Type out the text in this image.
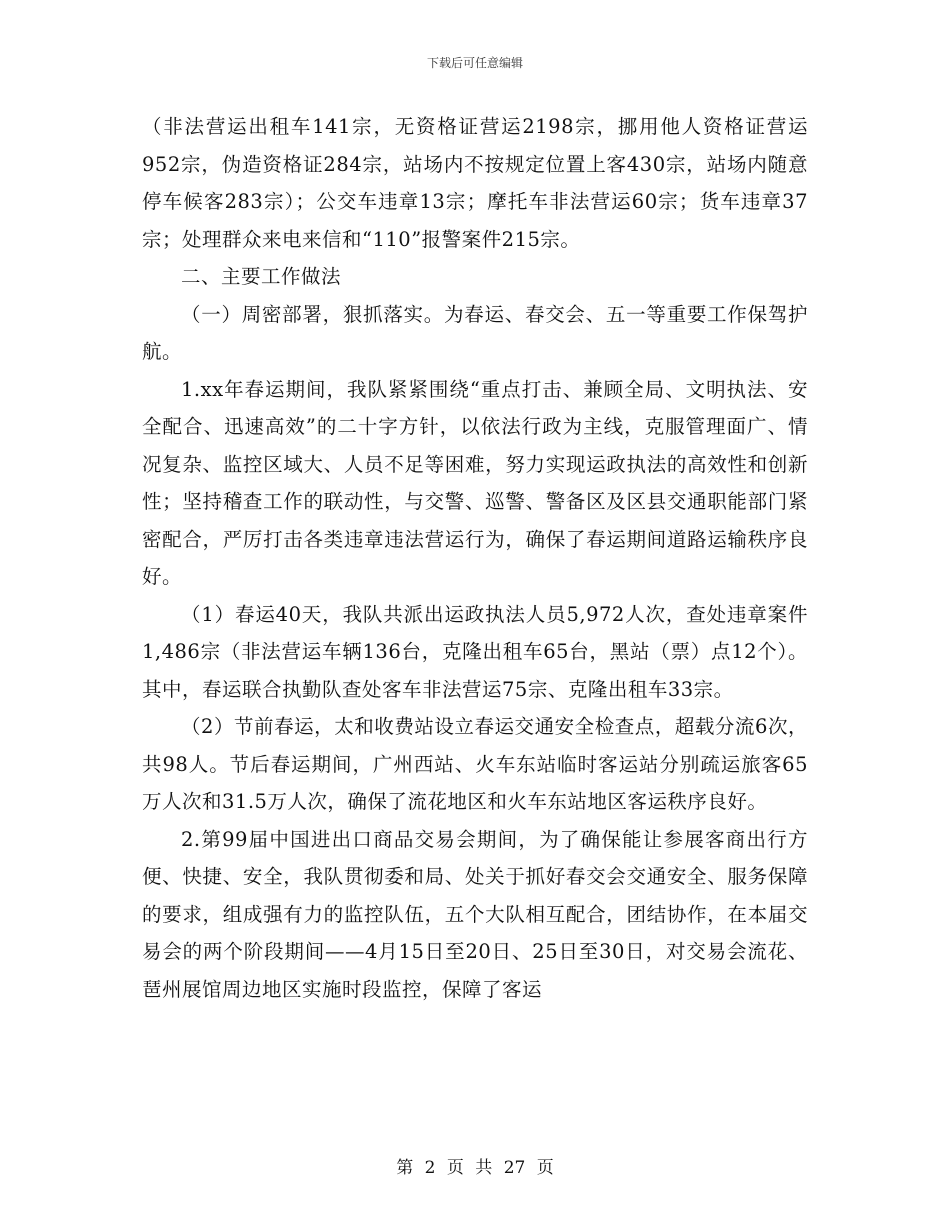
下载后可任意编辑

（非法营运出租车141宗，无资格证营运2198宗，挪用他人资格证营运952宗，伪造资格证284宗，站场内不按规定位置上客430宗，站场内随意停车候客283宗）；公交车违章13宗；摩托车非法营运60宗；货车违章37宗；处理群众来电来信和“110”报警案件215宗。

二、主要工作做法

（一）周密部署，狠抓落实。为春运、春交会、五一等重要工作保驾护航。

1.xx年春运期间，我队紧紧围绕“重点打击、兼顾全局、文明执法、安全配合、迅速高效”的二十字方针，以依法行政为主线，克服管理面广、情况复杂、监控区域大、人员不足等困难，努力实现运政执法的高效性和创新性；坚持稽查工作的联动性，与交警、巡警、警备区及区县交通职能部门紧密配合，严厉打击各类违章违法营运行为，确保了春运期间道路运输秩序良好。

（1）春运40天，我队共派出运政执法人员5,972人次，查处违章案件1,486宗（非法营运车辆136台，克隆出租车65台，黑站（票）点12个）。其中，春运联合执勤队查处客车非法营运75宗、克隆出租车33宗。

（2）节前春运，太和收费站设立春运交通安全检查点，超载分流6次，共98人。节后春运期间，广州西站、火车东站临时客运站分别疏运旅客65万人次和31.5万人次，确保了流花地区和火车东站地区客运秩序良好。

2.第99届中国进出口商品交易会期间，为了确保能让参展客商出行方便、快捷、安全，我队贯彻委和局、处关于抓好春交会交通安全、服务保障的要求，组成强有力的监控队伍，五个大队相互配合，团结协作，在本届交易会的两个阶段期间——4月15日至20日、25日至30日，对交易会流花、琶州展馆周边地区实施时段监控，保障了客运

第 2 页 共 27 页
